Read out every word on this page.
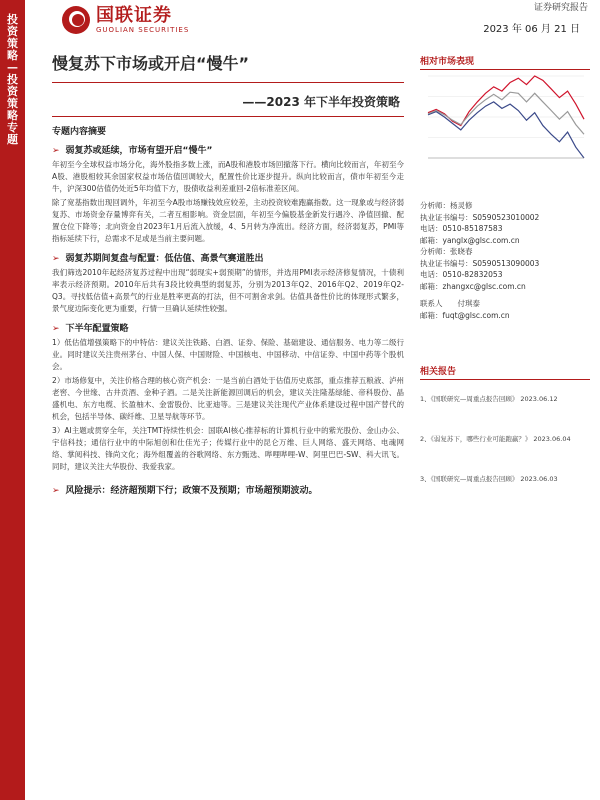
投资策略 — 投资策略专题
国联证券
GUOLIAN SECURITIES
证券研究报告
2023 年 06 月 21 日
慢复苏下市场或开启“慢牛”
——2023 年下半年投资策略
专题内容摘要
➢ 弱复苏或延续，市场有望开启“慢牛”
年初至今全球权益市场分化，海外股指多数上涨，而A股和港股市场回撤落下行。横向比较而言，年初至今A股、港股相较其余国家权益市场估值回调较大，配置性价比逐步提升。纵向比较而言，债市年初至今走牛，沪深300估值仍处近5年均值下方，股债收益利差重回-2倍标准差区间。
除了宽基指数出现回调外，年初至今A股市场赚钱效应较差，主动投资较难跑赢指数。这一现象或与经济弱复苏、市场资金存量博弈有关，二者互相影响。资金层面，年初至今偏股基金新发行遇冷、净值回撤、配置仓位下降等；北向资金自2023年1月后流入放缓，4、5月转为净流出。经济方面，经济弱复苏，PMI等指标延续下行，总需求不足或是当前主要问题。
➢ 弱复苏期间复盘与配置：低估值、高景气赛道胜出
我们筛选2010年起经济复苏过程中出现“弱现实+弱预期”的情形，并选用PMI表示经济修复情况，十债利率表示经济预期。2010年后共有3段比较典型的弱复苏，分别为2013年Q2、2016年Q2、2019年Q2-Q3。寻找低估值+高景气的行业是胜率更高的打法，但不可割舍求剑。估值具备性价比的体现形式繁多，景气度边际变化更为重要，行情一旦确认延续性较强。
➢ 下半年配置策略
1）低估值增强策略下的中特估：建议关注铁路、白酒、证券、保险、基础建设、通信服务、电力等二级行业。同时建议关注贵州茅台、中国人保、中国财险、中国核电、中国移动、中信证券、中国中药等个股机会。
2）市场修复中，关注价格合理的核心资产机会：一是当前白酒处于估值历史底部，重点推荐五粮液、泸州老窖、今世缘、古井贡酒、金种子酒。二是关注新能源回调后的机会，建议关注隆基绿能、帝科股份、晶盛机电、东方电缆、长盈柚木、金雷股份、比亚迪等。三是建议关注现代产业体系建设过程中国产替代的机会，包括半导体、碳纤维、卫星导航等环节。
3）AI主题或贯穿全年，关注TMT持续性机会：国联AI核心推荐标的计算机行业中的紫光股份、金山办公、宇信科技；通信行业中的中际旭创和仕佳光子；传媒行业中的昆仑万维、巨人网络、盛天网络、电魂网络、掌阅科技、锋尚文化；海外组覆盖的谷歌网络、东方甄选、哔哩哔哩-W、阿里巴巴-SW、科大讯飞。同时，建议关注大华股份、我爱我家。
➢ 风险提示：经济超预期下行；政策不及预期；市场超预期波动。
相对市场表现
分析师：杨灵修
执业证书编号：S0590523010002
电话：0510-85187583
邮箱：yanglx@glsc.com.cn
分析师：张晓春
执业证书编号：S0590513090003
电话：0510-82832053
邮箱：zhangxc@glsc.com.cn
联系人　　付琪泰
邮箱：fuqt@glsc.com.cn
相关报告
1、《国联研究—周重点报告回顾》 2023.06.12
2、《弱复苏下，哪些行业可能跑赢？》 2023.06.04
3、《国联研究—周重点报告回顾》 2023.06.03
